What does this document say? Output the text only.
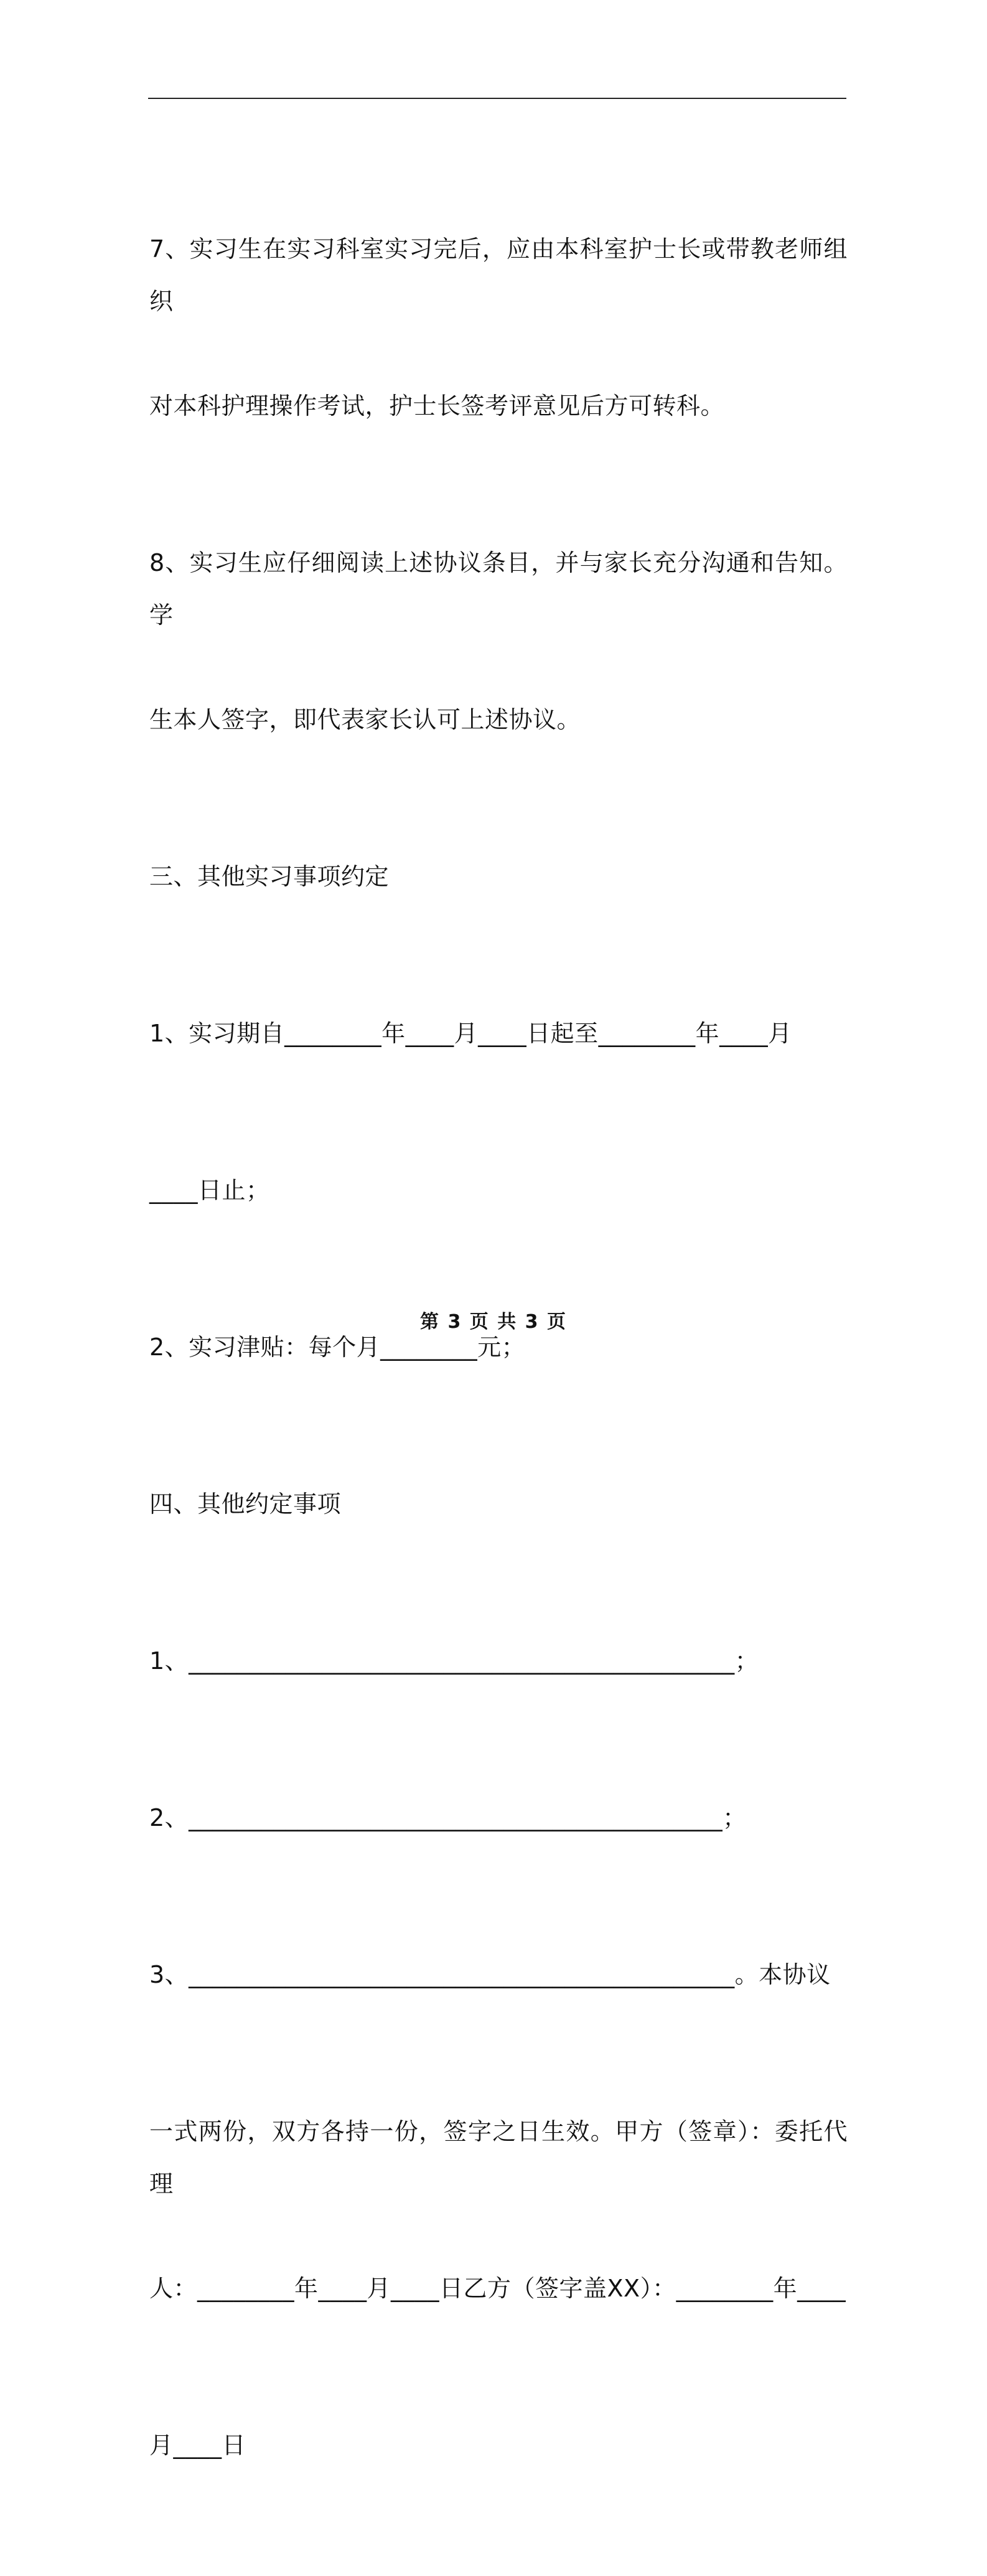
7、实习生在实习科室实习完后，应由本科室护士长或带教老师组织

对本科护理操作考试，护士长签考评意见后方可转科。

8、实习生应仔细阅读上述协议条目，并与家长充分沟通和告知。学

生本人签字，即代表家长认可上述协议。

三、其他实习事项约定

1、实习期自________年____月____日起至________年____月

____日止；

2、实习津贴：每个月________元；

四、其他约定事项

1、_____________________________________________；

2、____________________________________________；

3、_____________________________________________。本协议

一式两份，双方各持一份，签字之日生效。甲方（签章）：委托代理

人：________年____月____日乙方（签字盖XX）：________年____

月____日

第 3 页 共 3 页
